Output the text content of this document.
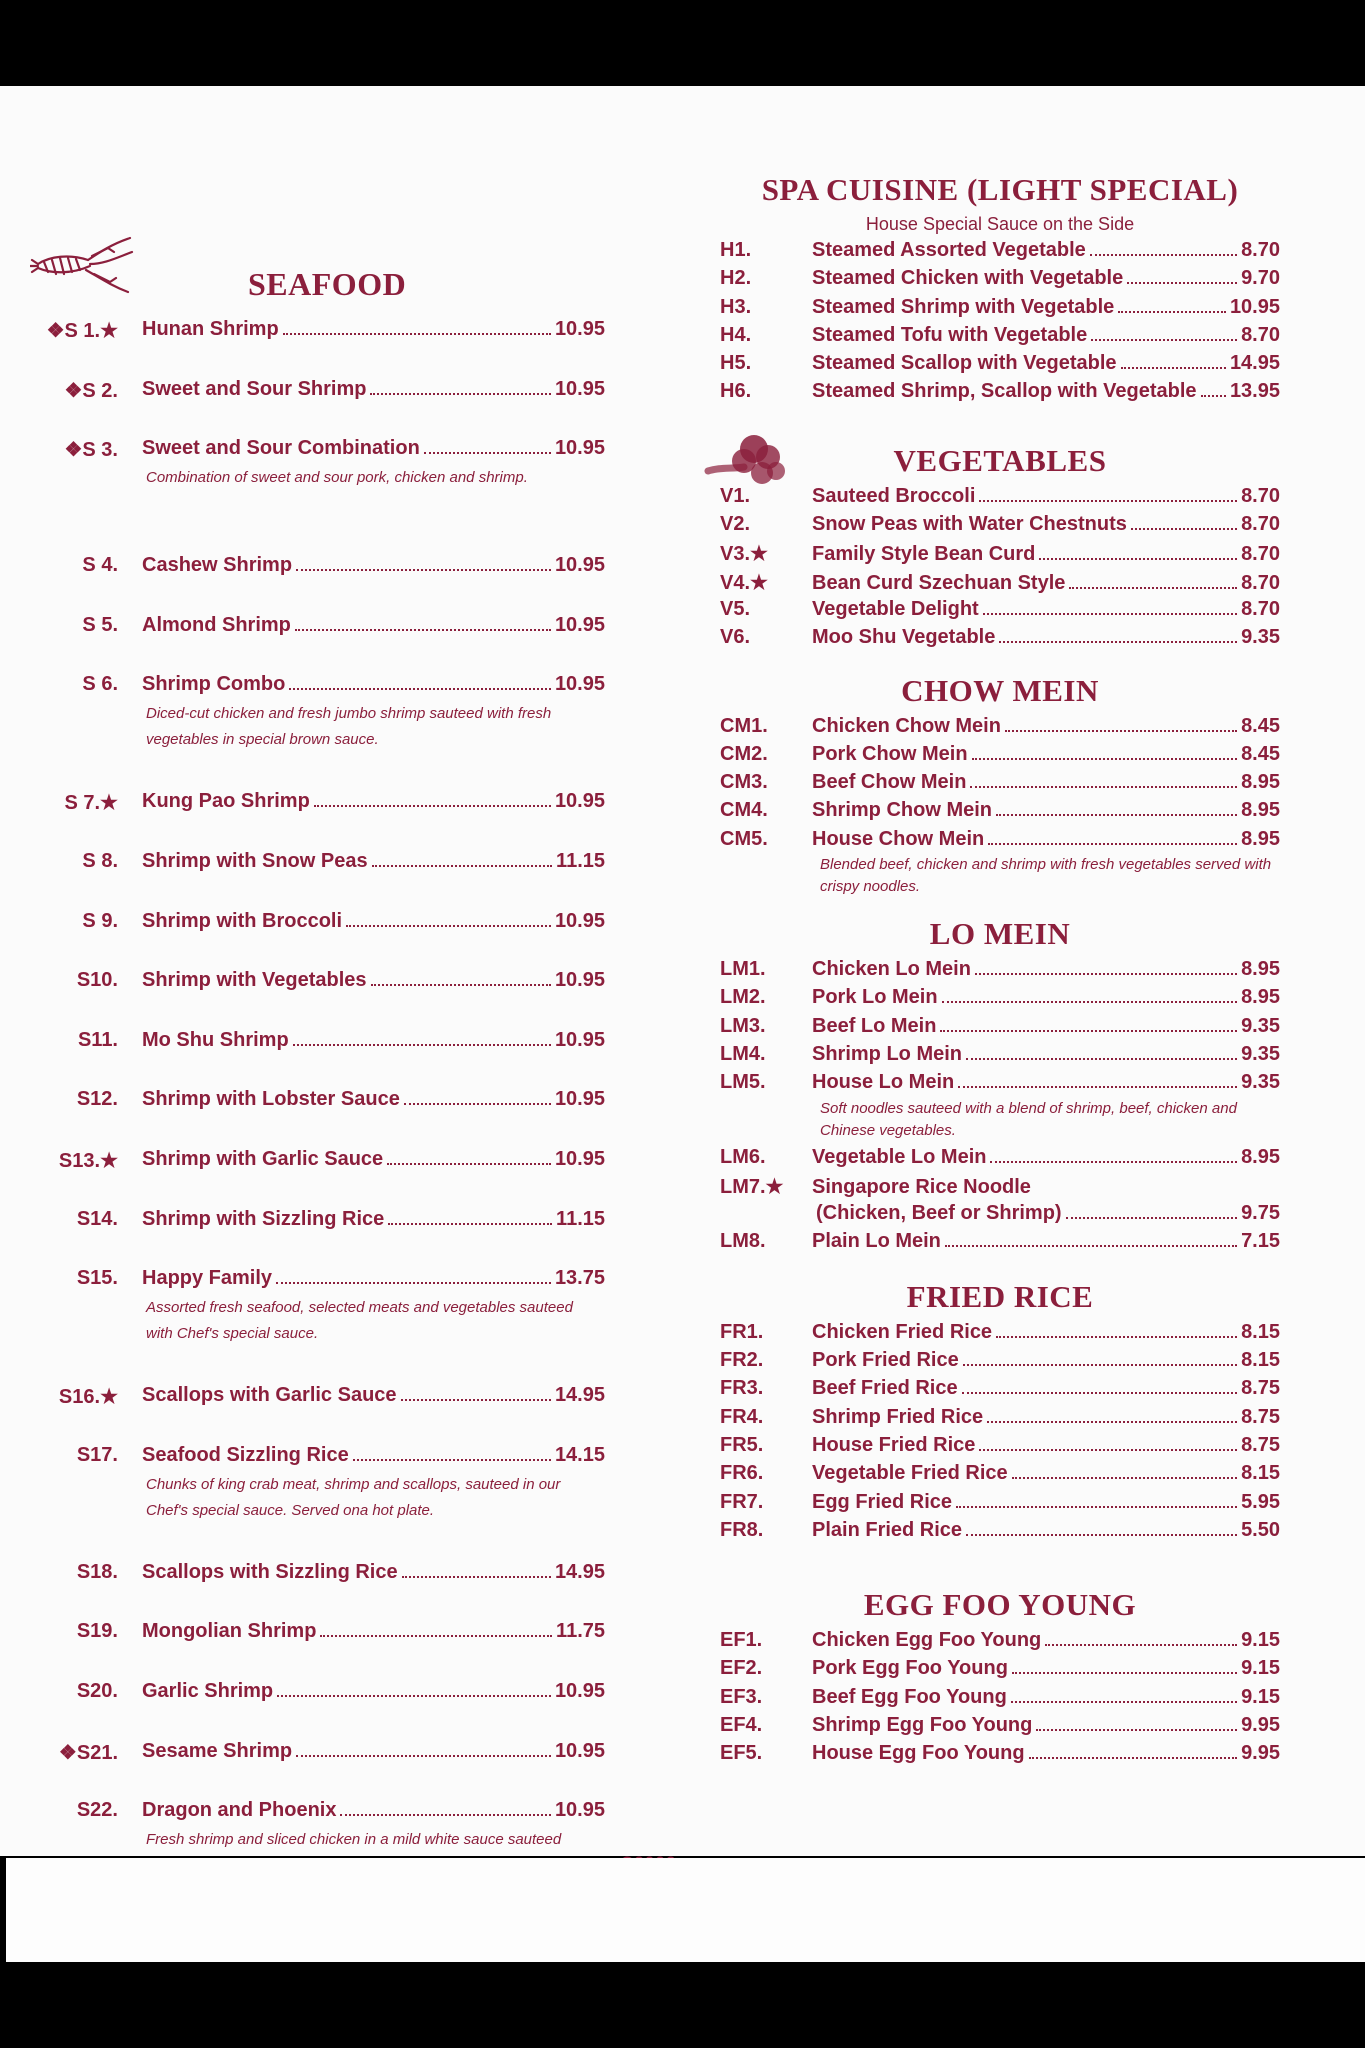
SEAFOOD
❖S 1.★	Hunan Shrimp	10.95
❖S 2.	Sweet and Sour Shrimp	10.95
❖S 3.	Sweet and Sour Combination	10.95
Combination of sweet and sour pork, chicken and shrimp.
S 4.	Cashew Shrimp	10.95
S 5.	Almond Shrimp	10.95
S 6.	Shrimp Combo	10.95
Diced-cut chicken and fresh jumbo shrimp sauteed with fresh vegetables in special brown sauce.
S 7.★	Kung Pao Shrimp	10.95
S 8.	Shrimp with Snow Peas	11.15
S 9.	Shrimp with Broccoli	10.95
S10.	Shrimp with Vegetables	10.95
S11.	Mo Shu Shrimp	10.95
S12.	Shrimp with Lobster Sauce	10.95
S13.★	Shrimp with Garlic Sauce	10.95
S14.	Shrimp with Sizzling Rice	11.15
S15.	Happy Family	13.75
Assorted fresh seafood, selected meats and vegetables sauteed with Chef's special sauce.
S16.★	Scallops with Garlic Sauce	14.95
S17.	Seafood Sizzling Rice	14.15
Chunks of king crab meat, shrimp and scallops, sauteed in our Chef's special sauce. Served ona hot plate.
S18.	Scallops with Sizzling Rice	14.95
S19.	Mongolian Shrimp	11.75
S20.	Garlic Shrimp	10.95
❖S21.	Sesame Shrimp	10.95
S22.	Dragon and Phoenix	10.95
Fresh shrimp and sliced chicken in a mild white sauce sauteed
SPA CUISINE (LIGHT SPECIAL)
House Special Sauce on the Side
H1.	Steamed Assorted Vegetable	8.70
H2.	Steamed Chicken with Vegetable	9.70
H3.	Steamed Shrimp with Vegetable	10.95
H4.	Steamed Tofu with Vegetable	8.70
H5.	Steamed Scallop with Vegetable	14.95
H6.	Steamed Shrimp, Scallop with Vegetable 13.95
VEGETABLES
V1.	Sauteed Broccoli	8.70
V2.	Snow Peas with Water Chestnuts	8.70
V3.★	Family Style Bean Curd	8.70
V4.★	Bean Curd Szechuan Style	8.70
V5.	Vegetable Delight	8.70
V6.	Moo Shu Vegetable	9.35
CHOW MEIN
CM1.	Chicken Chow Mein	8.45
CM2.	Pork Chow Mein	8.45
CM3.	Beef Chow Mein	8.95
CM4.	Shrimp Chow Mein	8.95
CM5.	House Chow Mein	8.95
Blended beef, chicken and shrimp with fresh vegetables served with crispy noodles.
LO MEIN
LM1.	Chicken Lo Mein	8.95
LM2.	Pork Lo Mein	8.95
LM3.	Beef Lo Mein	9.35
LM4.	Shrimp Lo Mein	9.35
LM5.	House Lo Mein	9.35
Soft noodles sauteed with a blend of shrimp, beef, chicken and Chinese vegetables.
LM6.	Vegetable Lo Mein	8.95
LM7.★	Singapore Rice Noodle
(Chicken, Beef or Shrimp)	9.75
LM8.	Plain Lo Mein	7.15
FRIED RICE
FR1.	Chicken Fried Rice	8.15
FR2.	Pork Fried Rice	8.15
FR3.	Beef Fried Rice	8.75
FR4.	Shrimp Fried Rice	8.75
FR5.	House Fried Rice	8.75
FR6.	Vegetable Fried Rice	8.15
FR7.	Egg Fried Rice	5.95
FR8.	Plain Fried Rice	5.50
EGG FOO YOUNG
EF1.	Chicken Egg Foo Young	9.15
EF2.	Pork Egg Foo Young	9.15
EF3.	Beef Egg Foo Young	9.15
EF4.	Shrimp Egg Foo Young	9.95
EF5.	House Egg Foo Young	9.95
